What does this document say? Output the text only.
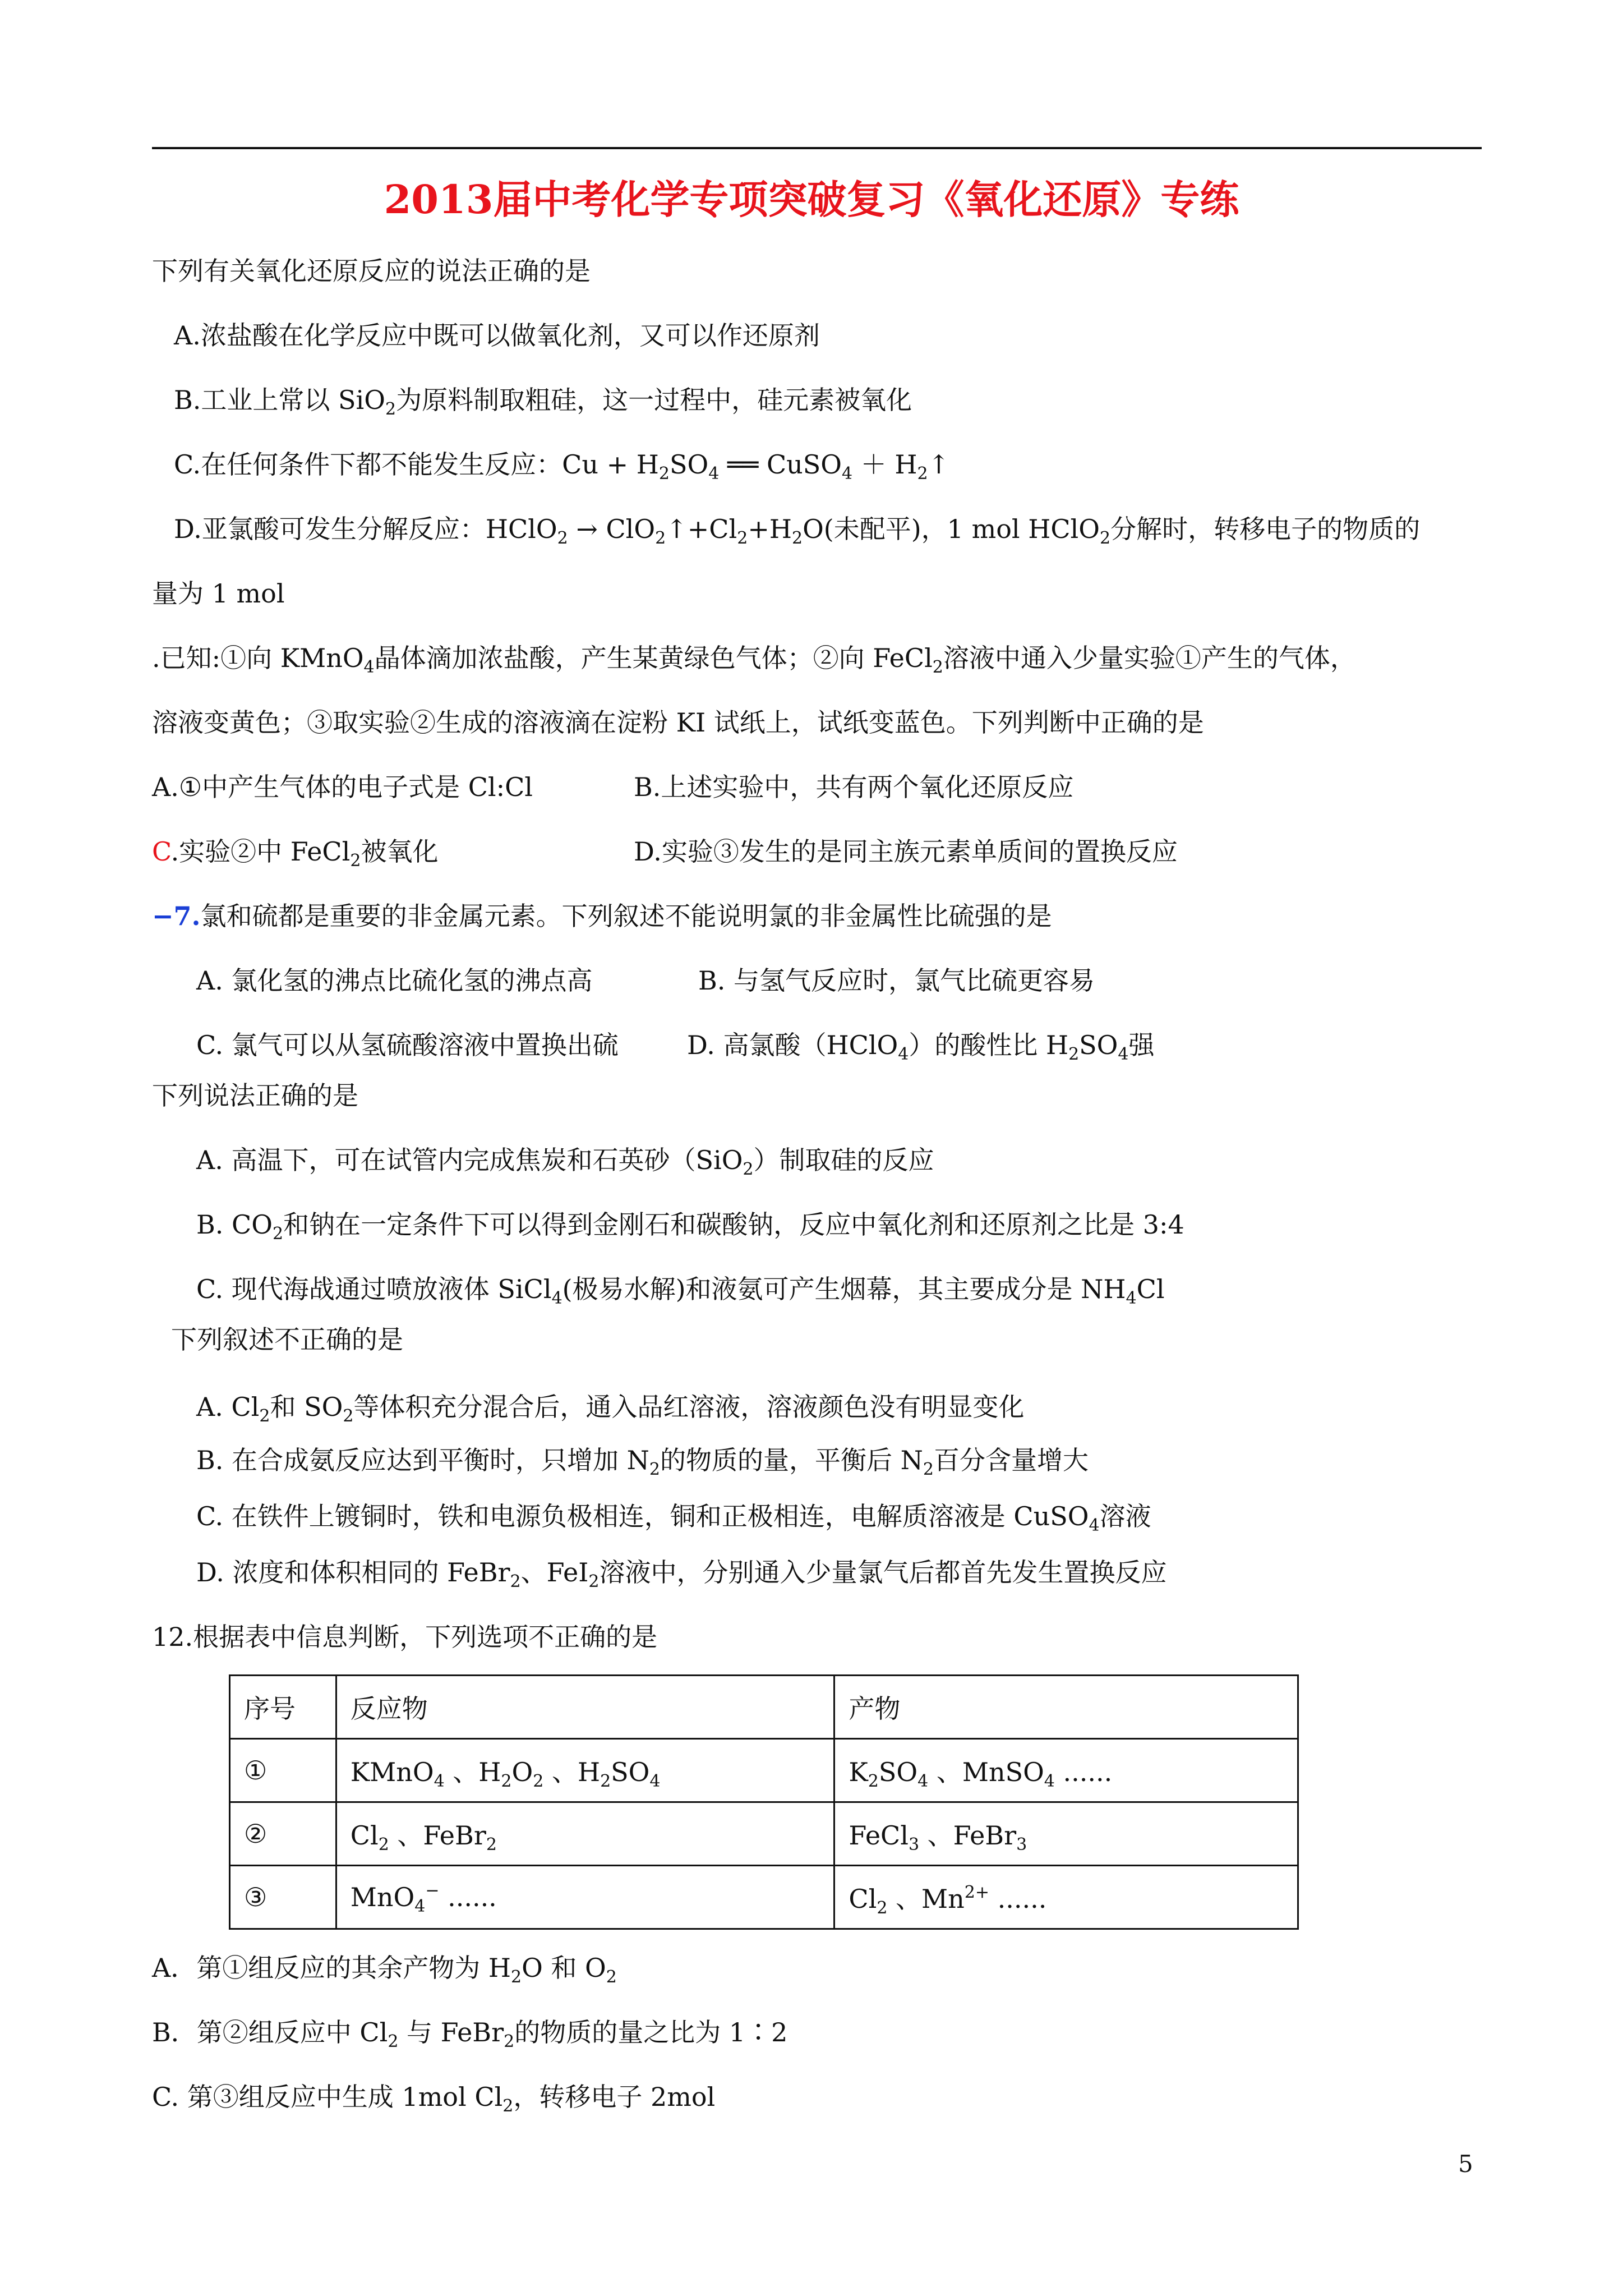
2013届中考化学专项突破复习《氧化还原》专练
下列有关氧化还原反应的说法正确的是
A.浓盐酸在化学反应中既可以做氧化剂，又可以作还原剂
B.工业上常以 SiO$_2$为原料制取粗硅，这一过程中，硅元素被氧化
C.在任何条件下都不能发生反应：$Cu + H_2SO_4$ ══ CuSO$_4$ ＋ $H_2↑$
D.亚氯酸可发生分解反应：HClO$_2$ → $ClO_2↑+Cl_2+H_2O$(未配平)，1 mol HClO$_2$分解时，转移电子的物质的
量为 1 mol
.已知:①向 KMnO$_4$晶体滴加浓盐酸，产生某黄绿色气体；②向 FeCl$_2$溶液中通入少量实验①产生的气体，
溶液变黄色；③取实验②生成的溶液滴在淀粉 KI 试纸上，试纸变蓝色。下列判断中正确的是
A.①中产生气体的电子式是 Cl:Cl	B.上述实验中，共有两个氧化还原反应
C.实验②中 FeCl$_2$被氧化	D.实验③发生的是同主族元素单质间的置换反应
−7.氯和硫都是重要的非金属元素。下列叙述不能说明氯的非金属性比硫强的是
A. 氯化氢的沸点比硫化氢的沸点高	B. 与氢气反应时，氯气比硫更容易
C. 氯气可以从氢硫酸溶液中置换出硫	D. 高氯酸（HClO$_4$）的酸性比 $H_2SO_4$强
下列说法正确的是
A. 高温下，可在试管内完成焦炭和石英砂（SiO$_2$）制取硅的反应
B. $CO_2$和钠在一定条件下可以得到金刚石和碳酸钠，反应中氧化剂和还原剂之比是 3:4
C. 现代海战通过喷放液体 SiCl$_4$(极易水解)和液氨可产生烟幕，其主要成分是 $NH_4Cl$
下列叙述不正确的是
A. $Cl_2$和 $SO_2$等体积充分混合后，通入品红溶液，溶液颜色没有明显变化
B. 在合成氨反应达到平衡时，只增加 $N_2$的物质的量，平衡后 $N_2$百分含量增大
C. 在铁件上镀铜时，铁和电源负极相连，铜和正极相连，电解质溶液是 CuSO$_4$溶液
D. 浓度和体积相同的 FeBr$_2$、FeI$_2$溶液中，分别通入少量氯气后都首先发生置换反应
12.根据表中信息判断，下列选项不正确的是
序号	反应物	产物
①	KMnO$_4$ 、$H_2O_2$ 、$H_2SO_4$	$K_2SO_4$ 、MnSO$_4$ ......
②	$Cl_2$ 、FeBr$_2$	FeCl$_3$ 、FeBr$_3$
③	MnO$_4$− ......	$Cl_2$ 、$Mn^{2+}$ ......
A．第①组反应的其余产物为 $H_2O$ 和 $O_2$
B．第②组反应中 $Cl_2$ 与 FeBr$_2$的物质的量之比为 1∶2
C. 第③组反应中生成 1mol $Cl_2$，转移电子 2mol
5
